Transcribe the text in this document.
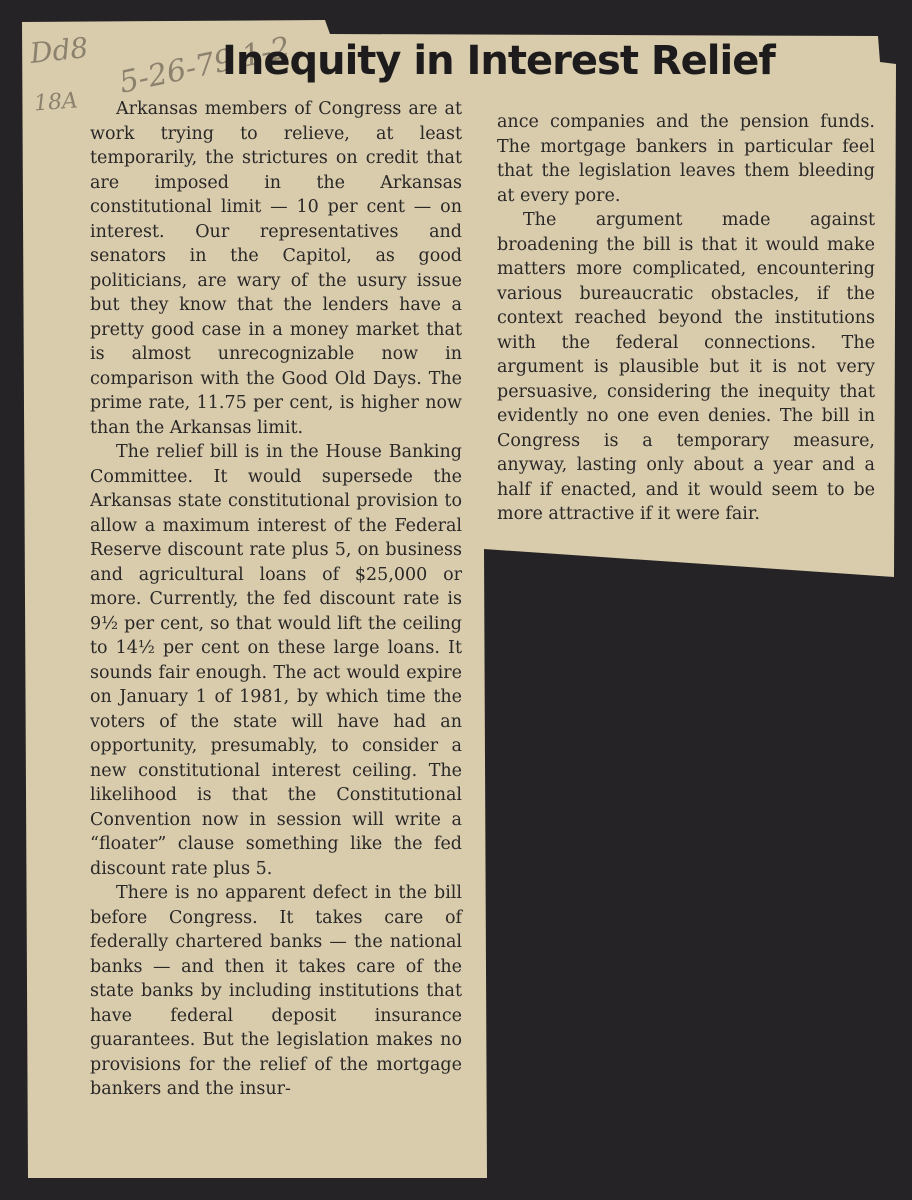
Dd8 5-26-79 1-2
18A
Inequity in Interest Relief

Arkansas members of Congress are at work trying to relieve, at least temporarily, the strictures on credit that are imposed in the Arkansas constitutional limit — 10 per cent — on interest. Our representatives and senators in the Capitol, as good politicians, are wary of the usury issue but they know that the lenders have a pretty good case in a money market that is almost unrecognizable now in comparison with the Good Old Days. The prime rate, 11.75 per cent, is higher now than the Arkansas limit.

The relief bill is in the House Banking Committee. It would supersede the Arkansas state constitutional provision to allow a maximum interest of the Federal Reserve discount rate plus 5, on business and agricultural loans of $25,000 or more. Currently, the fed discount rate is 9½ per cent, so that would lift the ceiling to 14½ per cent on these large loans. It sounds fair enough. The act would expire on January 1 of 1981, by which time the voters of the state will have had an opportunity, presumably, to consider a new constitutional interest ceiling. The likelihood is that the Constitutional Convention now in session will write a “floater” clause something like the fed discount rate plus 5.

There is no apparent defect in the bill before Congress. It takes care of federally chartered banks — the national banks — and then it takes care of the state banks by including institutions that have federal deposit insurance guarantees. But the legislation makes no provisions for the relief of the mortgage bankers and the insur-

ance companies and the pension funds. The mortgage bankers in particular feel that the legislation leaves them bleeding at every pore.

The argument made against broadening the bill is that it would make matters more complicated, encountering various bureaucratic obstacles, if the context reached beyond the institutions with the federal connections. The argument is plausible but it is not very persuasive, considering the inequity that evidently no one even denies. The bill in Congress is a temporary measure, anyway, lasting only about a year and a half if enacted, and it would seem to be more attractive if it were fair.
